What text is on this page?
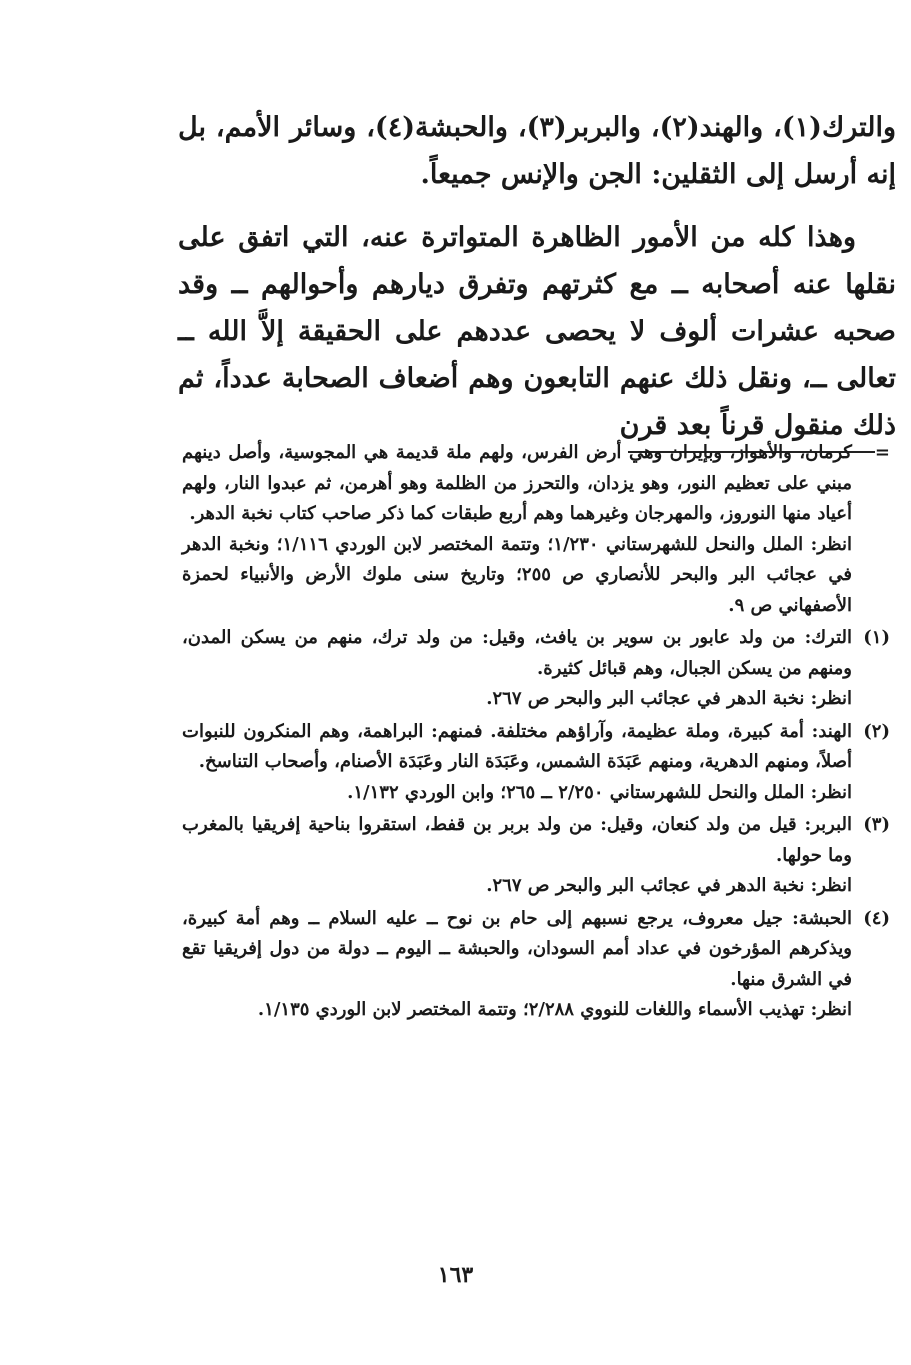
والترك(١)، والهند(٢)، والبربر(٣)، والحبشة(٤)، وسائر الأمم، بل إنه أرسل إلى الثقلين: الجن والإنس جميعاً.

وهذا كله من الأمور الظاهرة المتواترة عنه، التي اتفق على نقلها عنه أصحابه ــ مع كثرتهم وتفرق ديارهم وأحوالهم ــ وقد صحبه عشرات ألوف لا يحصى عددهم على الحقيقة إلاَّ الله ــ تعالى ــ، ونقل ذلك عنهم التابعون وهم أضعاف الصحابة عدداً، ثم ذلك منقول قرناً بعد قرن

=

كرمان، والأهواز، وبإيران وهي أرض الفرس، ولهم ملة قديمة هي المجوسية، وأصل دينهم مبني على تعظيم النور، وهو يزدان، والتحرز من الظلمة وهو أهرمن، ثم عبدوا النار، ولهم أعياد منها النوروز، والمهرجان وغيرهما وهم أربع طبقات كما ذكر صاحب كتاب نخبة الدهر.

انظر: الملل والنحل للشهرستاني ١/٢٣٠؛ وتتمة المختصر لابن الوردي ١/١١٦؛ ونخبة الدهر في عجائب البر والبحر للأنصاري ص ٢٥٥؛ وتاريخ سنى ملوك الأرض والأنبياء لحمزة الأصفهاني ص ٩.

(١)

الترك: من ولد عابور بن سوير بن يافث، وقيل: من ولد ترك، منهم من يسكن المدن، ومنهم من يسكن الجبال، وهم قبائل كثيرة.

انظر: نخبة الدهر في عجائب البر والبحر ص ٢٦٧.

(٢)

الهند: أمة كبيرة، وملة عظيمة، وآراؤهم مختلفة. فمنهم: البراهمة، وهم المنكرون للنبوات أصلاً، ومنهم الدهرية، ومنهم عَبَدَة الشمس، وعَبَدَة النار وعَبَدَة الأصنام، وأصحاب التناسخ.

انظر: الملل والنحل للشهرستاني ٢/٢٥٠ ــ ٢٦٥؛ وابن الوردي ١/١٣٢.

(٣)

البربر: قيل من ولد كنعان، وقيل: من ولد بربر بن قفط، استقروا بناحية إفريقيا بالمغرب وما حولها.

انظر: نخبة الدهر في عجائب البر والبحر ص ٢٦٧.

(٤)

الحبشة: جيل معروف، يرجع نسبهم إلى حام بن نوح ــ عليه السلام ــ وهم أمة كبيرة، ويذكرهم المؤرخون في عداد أمم السودان، والحبشة ــ اليوم ــ دولة من دول إفريقيا تقع في الشرق منها.

انظر: تهذيب الأسماء واللغات للنووي ٢/٢٨٨؛ وتتمة المختصر لابن الوردي ١/١٣٥.

١٦٣
